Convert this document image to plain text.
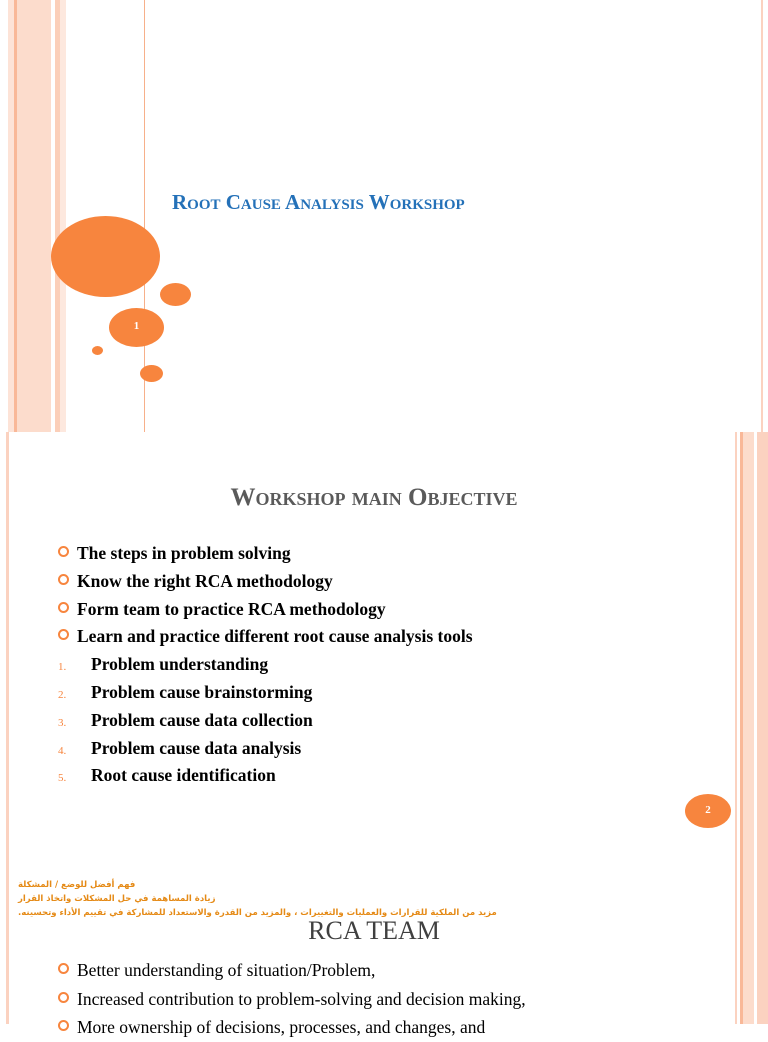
1
Root Cause Analysis Workshop
Workshop main Objective
The steps in problem solving
Know the right RCA methodology
Form team to practice RCA methodology
Learn and practice different root cause analysis tools
1. Problem understanding
2. Problem cause brainstorming
3. Problem cause data collection
4. Problem cause data analysis
5. Root cause identification
2
فهم أفضل للوضع / المشكلة
زيادة المساهمة في حل المشكلات واتخاذ القرار
مزيد من الملكية للقرارات والعمليات والتغييرات ، والمزيد من القدرة والاستعداد للمشاركة في تقييم الأداء وتحسينه.
RCA TEAM
Better understanding of situation/Problem,
Increased contribution to problem-solving and decision making,
More ownership of decisions, processes, and changes, and
